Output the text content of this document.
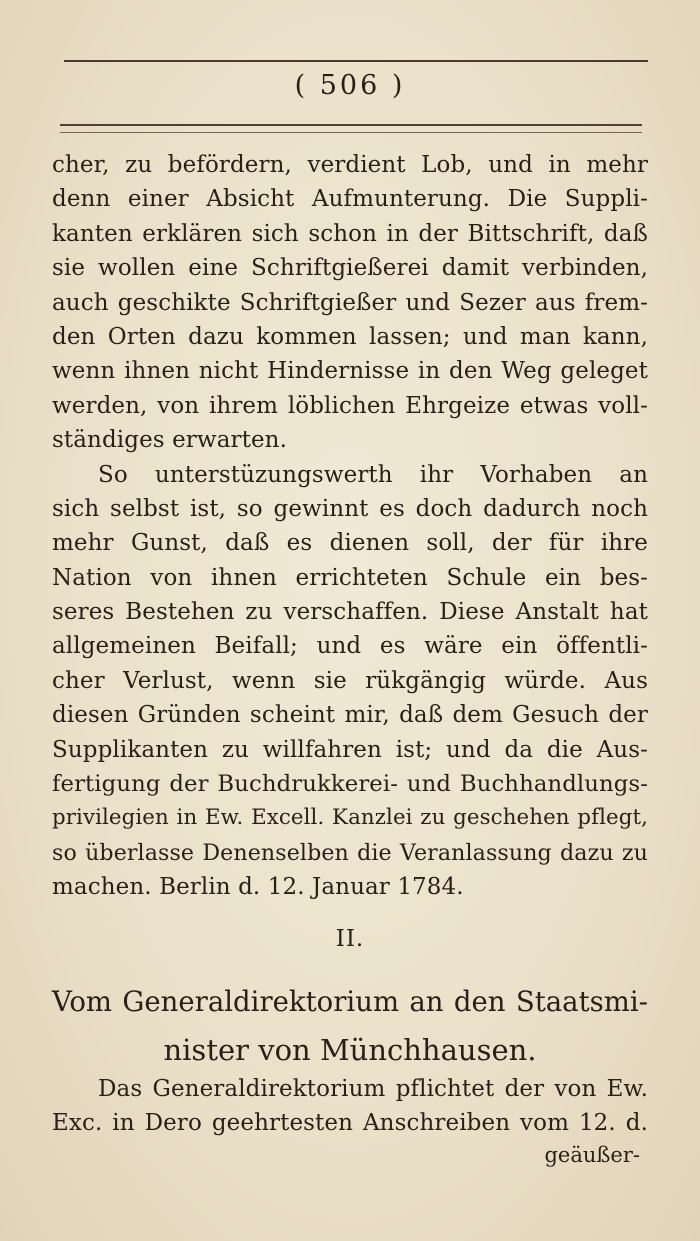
( 506 )
cher, zu befördern, verdient Lob, und in mehr
denn einer Absicht Aufmunterung. Die Suppli-
kanten erklären sich schon in der Bittschrift, daß
sie wollen eine Schriftgießerei damit verbinden,
auch geschikte Schriftgießer und Sezer aus frem-
den Orten dazu kommen lassen; und man kann,
wenn ihnen nicht Hindernisse in den Weg geleget
werden, von ihrem löblichen Ehrgeize etwas voll-
ständiges erwarten.
So unterstüzungswerth ihr Vorhaben an
sich selbst ist, so gewinnt es doch dadurch noch
mehr Gunst, daß es dienen soll, der für ihre
Nation von ihnen errichteten Schule ein bes-
seres Bestehen zu verschaffen. Diese Anstalt hat
allgemeinen Beifall; und es wäre ein öffentli-
cher Verlust, wenn sie rükgängig würde. Aus
diesen Gründen scheint mir, daß dem Gesuch der
Supplikanten zu willfahren ist; und da die Aus-
fertigung der Buchdrukkerei- und Buchhandlungs-
privilegien in Ew. Excell. Kanzlei zu geschehen pflegt,
so überlasse Denenselben die Veranlassung dazu zu
machen. Berlin d. 12. Januar 1784.
II.
Vom Generaldirektorium an den Staatsmi-
nister von Münchhausen.
Das Generaldirektorium pflichtet der von Ew.
Exc. in Dero geehrtesten Anschreiben vom 12. d.
geäußer-
